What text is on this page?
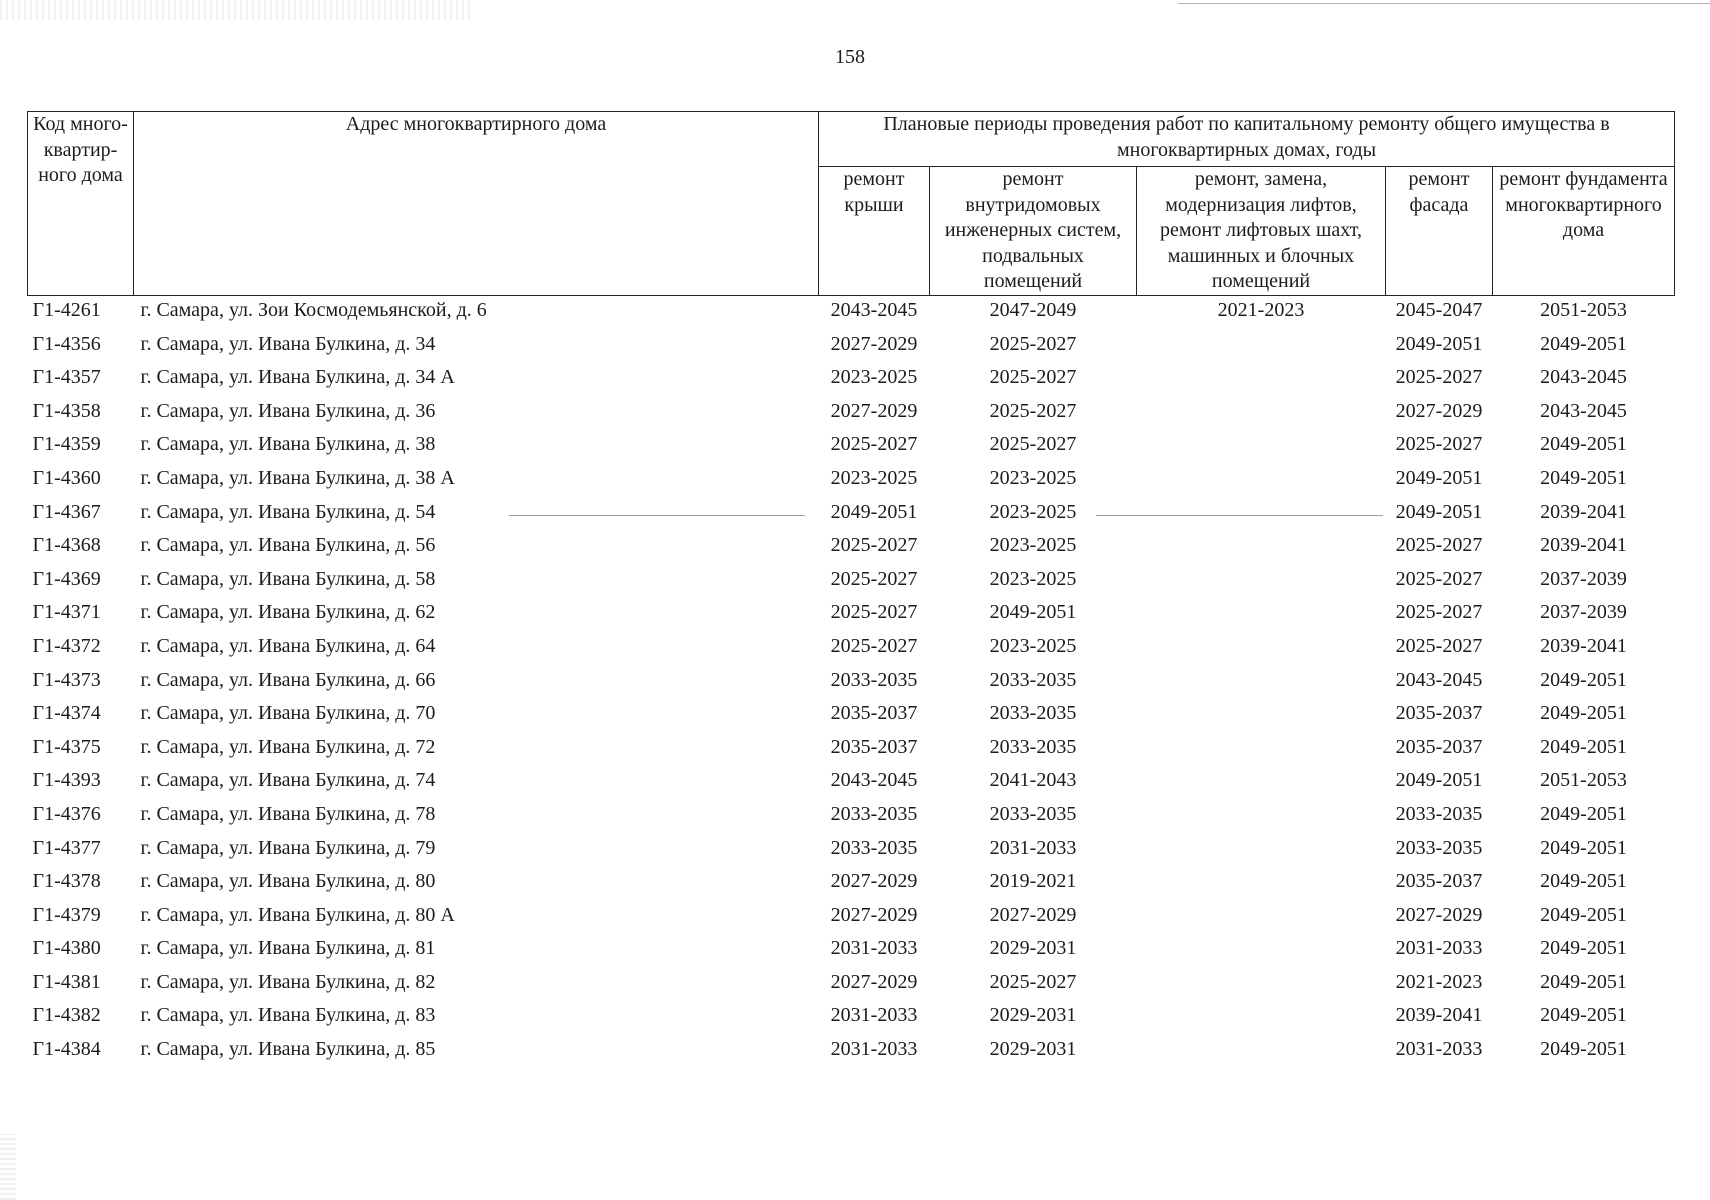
158
Код много-
квартир-
ного дома	Адрес многоквартирного дома	Плановые периоды проведения работ по капитальному ремонту общего имущества в
многоквартирных домах, годы				

		ремонт
крыши	ремонт
внутридомовых
инженерных систем,
подвальных
помещений	ремонт, замена,
модернизация лифтов,
ремонт лифтовых шахт,
машинных и блочных
помещений	ремонт
фасада	ремонт фундамента
многоквартирного
дома

Г1-4261	г. Самара, ул. Зои Космодемьянской, д. 6	2043-2045	2047-2049	2021-2023	2045-2047	2051-2053
Г1-4356	г. Самара, ул. Ивана Булкина, д. 34	2027-2029	2025-2027		2049-2051	2049-2051
Г1-4357	г. Самара, ул. Ивана Булкина, д. 34 А	2023-2025	2025-2027		2025-2027	2043-2045
Г1-4358	г. Самара, ул. Ивана Булкина, д. 36	2027-2029	2025-2027		2027-2029	2043-2045
Г1-4359	г. Самара, ул. Ивана Булкина, д. 38	2025-2027	2025-2027		2025-2027	2049-2051
Г1-4360	г. Самара, ул. Ивана Булкина, д. 38 А	2023-2025	2023-2025		2049-2051	2049-2051
Г1-4367	г. Самара, ул. Ивана Булкина, д. 54	2049-2051	2023-2025		2049-2051	2039-2041
Г1-4368	г. Самара, ул. Ивана Булкина, д. 56	2025-2027	2023-2025		2025-2027	2039-2041
Г1-4369	г. Самара, ул. Ивана Булкина, д. 58	2025-2027	2023-2025		2025-2027	2037-2039
Г1-4371	г. Самара, ул. Ивана Булкина, д. 62	2025-2027	2049-2051		2025-2027	2037-2039
Г1-4372	г. Самара, ул. Ивана Булкина, д. 64	2025-2027	2023-2025		2025-2027	2039-2041
Г1-4373	г. Самара, ул. Ивана Булкина, д. 66	2033-2035	2033-2035		2043-2045	2049-2051
Г1-4374	г. Самара, ул. Ивана Булкина, д. 70	2035-2037	2033-2035		2035-2037	2049-2051
Г1-4375	г. Самара, ул. Ивана Булкина, д. 72	2035-2037	2033-2035		2035-2037	2049-2051
Г1-4393	г. Самара, ул. Ивана Булкина, д. 74	2043-2045	2041-2043		2049-2051	2051-2053
Г1-4376	г. Самара, ул. Ивана Булкина, д. 78	2033-2035	2033-2035		2033-2035	2049-2051
Г1-4377	г. Самара, ул. Ивана Булкина, д. 79	2033-2035	2031-2033		2033-2035	2049-2051
Г1-4378	г. Самара, ул. Ивана Булкина, д. 80	2027-2029	2019-2021		2035-2037	2049-2051
Г1-4379	г. Самара, ул. Ивана Булкина, д. 80 А	2027-2029	2027-2029		2027-2029	2049-2051
Г1-4380	г. Самара, ул. Ивана Булкина, д. 81	2031-2033	2029-2031		2031-2033	2049-2051
Г1-4381	г. Самара, ул. Ивана Булкина, д. 82	2027-2029	2025-2027		2021-2023	2049-2051
Г1-4382	г. Самара, ул. Ивана Булкина, д. 83	2031-2033	2029-2031		2039-2041	2049-2051
Г1-4384	г. Самара, ул. Ивана Булкина, д. 85	2031-2033	2029-2031		2031-2033	2049-2051
